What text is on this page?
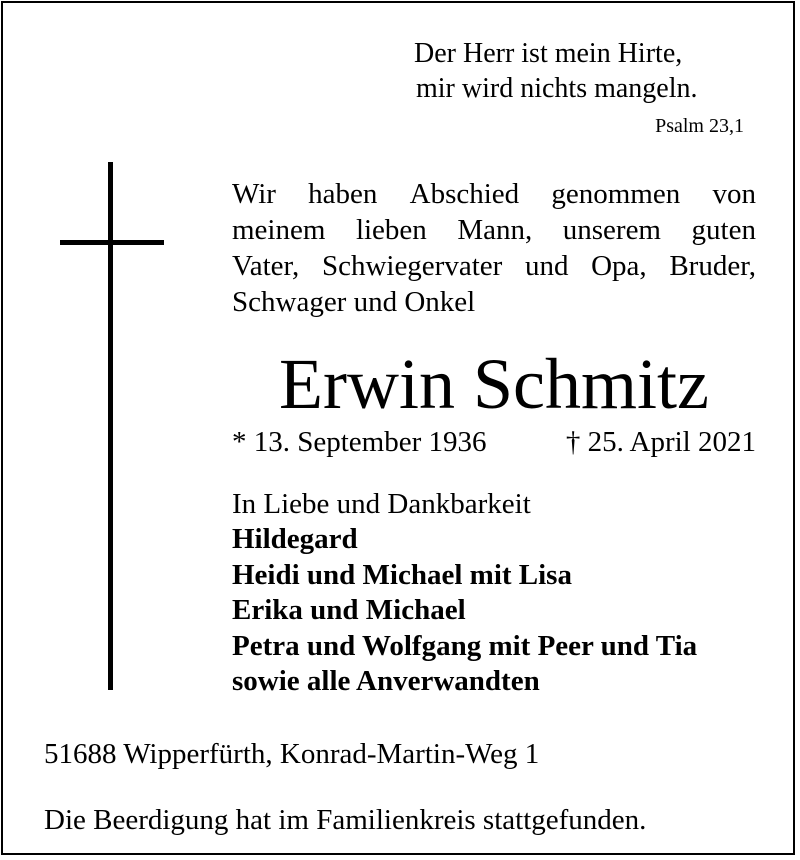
Der Herr ist mein Hirte,
mir wird nichts mangeln.
Psalm 23,1
Wir haben Abschied genommen von
meinem lieben Mann, unserem guten
Vater, Schwiegervater und Opa, Bruder,
Schwager und Onkel
Erwin Schmitz
* 13. September 1936	† 25. April 2021
In Liebe und Dankbarkeit
Hildegard
Heidi und Michael mit Lisa
Erika und Michael
Petra und Wolfgang mit Peer und Tia
sowie alle Anverwandten
51688 Wipperfürth, Konrad-Martin-Weg 1
Die Beerdigung hat im Familienkreis stattgefunden.
